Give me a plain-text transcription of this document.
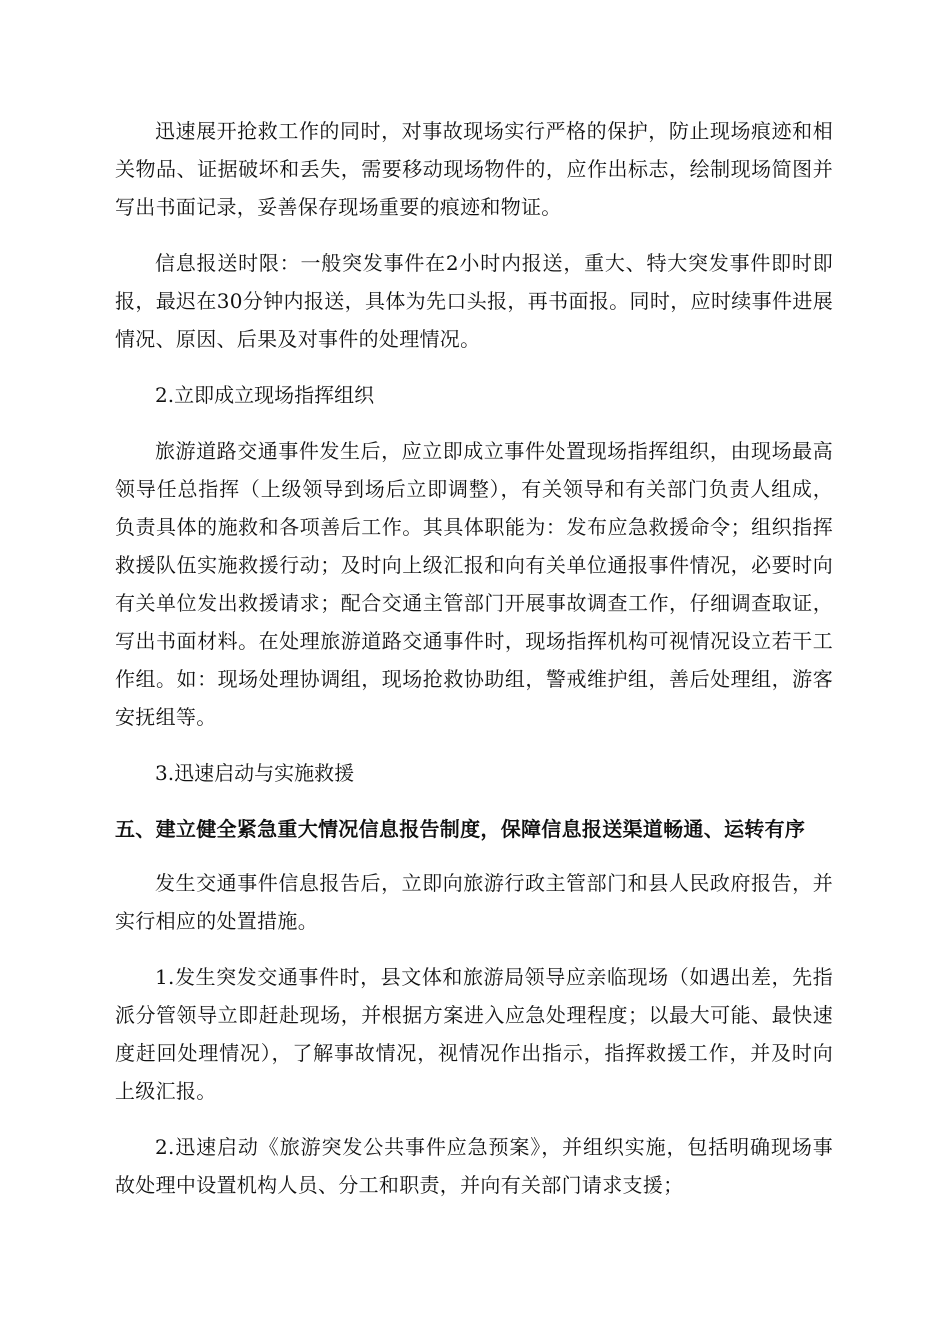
迅速展开抢救工作的同时，对事故现场实行严格的保护，防止现场痕迹和相关物品、证据破坏和丢失，需要移动现场物件的，应作出标志，绘制现场简图并写出书面记录，妥善保存现场重要的痕迹和物证。

信息报送时限：一般突发事件在2小时内报送，重大、特大突发事件即时即报，最迟在30分钟内报送，具体为先口头报，再书面报。同时，应时续事件进展情况、原因、后果及对事件的处理情况。

2.立即成立现场指挥组织

旅游道路交通事件发生后，应立即成立事件处置现场指挥组织，由现场最高领导任总指挥（上级领导到场后立即调整），有关领导和有关部门负责人组成，负责具体的施救和各项善后工作。其具体职能为：发布应急救援命令；组织指挥救援队伍实施救援行动；及时向上级汇报和向有关单位通报事件情况，必要时向有关单位发出救援请求；配合交通主管部门开展事故调查工作，仔细调查取证，写出书面材料。在处理旅游道路交通事件时，现场指挥机构可视情况设立若干工作组。如：现场处理协调组，现场抢救协助组，警戒维护组，善后处理组，游客安抚组等。

3.迅速启动与实施救援

五、建立健全紧急重大情况信息报告制度，保障信息报送渠道畅通、运转有序

发生交通事件信息报告后，立即向旅游行政主管部门和县人民政府报告，并实行相应的处置措施。

1.发生突发交通事件时，县文体和旅游局领导应亲临现场（如遇出差，先指派分管领导立即赶赴现场，并根据方案进入应急处理程度；以最大可能、最快速度赶回处理情况），了解事故情况，视情况作出指示，指挥救援工作，并及时向上级汇报。

2.迅速启动《旅游突发公共事件应急预案》，并组织实施，包括明确现场事故处理中设置机构人员、分工和职责，并向有关部门请求支援；
